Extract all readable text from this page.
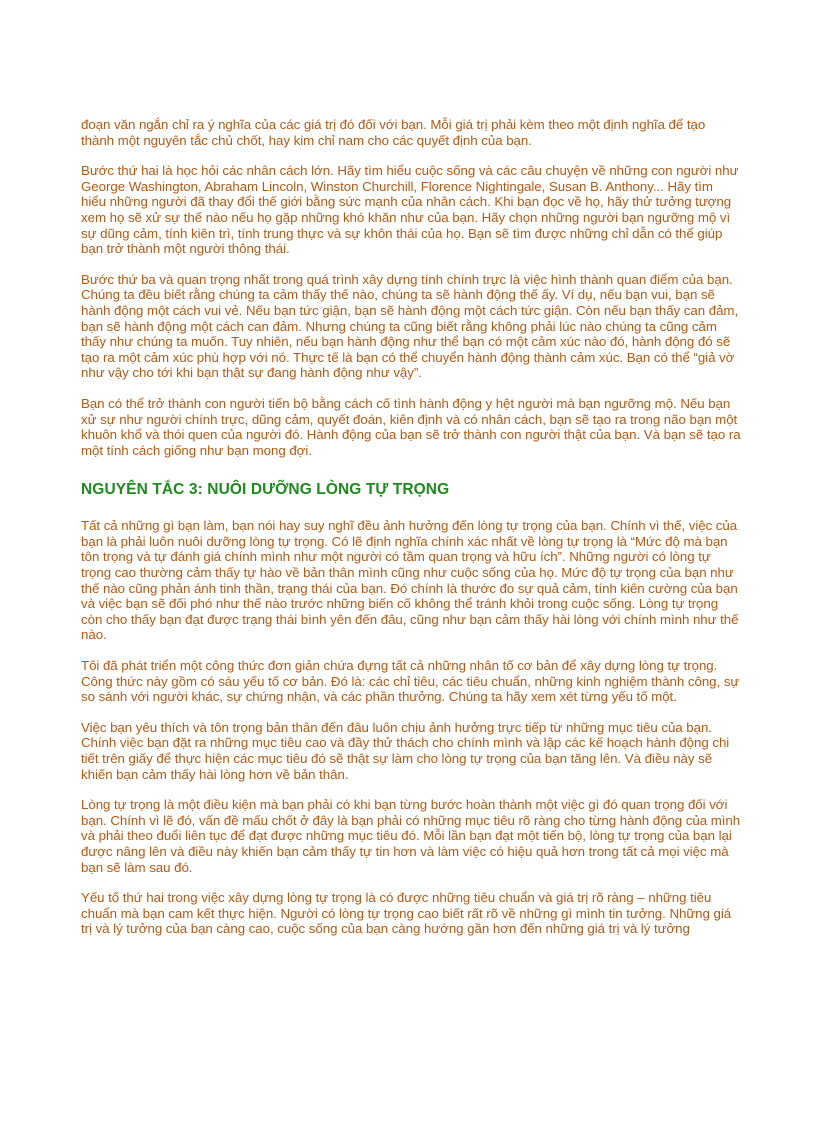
đoạn văn ngắn chỉ ra ý nghĩa của các giá trị đó đối với bạn. Mỗi giá trị phải kèm theo một định nghĩa để tạo thành một nguyên tắc chủ chốt, hay kim chỉ nam cho các quyết định của bạn.

Bước thứ hai là học hỏi các nhân cách lớn. Hãy tìm hiểu cuộc sống và các câu chuyện về những con người như George Washington, Abraham Lincoln, Winston Churchill, Florence Nightingale, Susan B. Anthony... Hãy tìm hiểu những người đã thay đổi thế giới bằng sức mạnh của nhân cách. Khi bạn đọc về họ, hãy thử tưởng tượng xem họ sẽ xử sự thế nào nếu họ gặp những khó khăn như của bạn. Hãy chọn những người bạn ngưỡng mộ vì sự dũng cảm, tính kiên trì, tính trung thực và sự khôn thái của họ. Bạn sẽ tìm được những chỉ dẫn có thể giúp bạn trở thành một người thông thái.

Bước thứ ba và quan trọng nhất trong quá trình xây dựng tính chính trực là việc hình thành quan điểm của bạn. Chúng ta đều biết rằng chúng ta cảm thấy thế nào, chúng ta sẽ hành động thế ấy. Ví dụ, nếu bạn vui, bạn sẽ hành động một cách vui vẻ. Nếu bạn tức giận, bạn sẽ hành động một cách tức giận. Còn nếu bạn thấy can đảm, bạn sẽ hành động một cách can đảm. Nhưng chúng ta cũng biết rằng không phải lúc nào chúng ta cũng cảm thấy như chúng ta muốn. Tuy nhiên, nếu bạn hành động như thể bạn có một cảm xúc nào đó, hành động đó sẽ tạo ra một cảm xúc phù hợp với nó. Thực tế là bạn có thể chuyển hành động thành cảm xúc. Bạn có thể “giả vờ như vậy cho tới khi bạn thật sự đang hành động như vậy”.

Bạn có thể trở thành con người tiến bộ bằng cách cố tình hành động y hệt người mà bạn ngưỡng mộ. Nếu bạn xử sự như người chính trực, dũng cảm, quyết đoán, kiên định và có nhân cách, bạn sẽ tạo ra trong não bạn một khuôn khổ và thói quen của người đó. Hành động của bạn sẽ trở thành con người thật của bạn. Và bạn sẽ tạo ra một tính cách giống như bạn mong đợi.

NGUYÊN TẮC 3: NUÔI DƯỠNG LÒNG TỰ TRỌNG

Tất cả những gì bạn làm, bạn nói hay suy nghĩ đều ảnh hưởng đến lòng tự trọng của bạn. Chính vì thế, việc của bạn là phải luôn nuôi dưỡng lòng tự trọng. Có lẽ định nghĩa chính xác nhất về lòng tự trọng là “Mức độ mà bạn tôn trọng và tự đánh giá chính mình như một người có tầm quan trọng và hữu ích”. Những người có lòng tự trọng cao thường cảm thấy tự hào về bản thân mình cũng như cuộc sống của họ. Mức độ tự trọng của bạn như thế nào cũng phản ánh tinh thần, trạng thái của bạn. Đó chính là thước đo sự quả cảm, tính kiên cường của bạn và việc bạn sẽ đối phó như thế nào trước những biến cố không thể tránh khỏi trong cuộc sống. Lòng tự trọng còn cho thấy bạn đạt được trạng thái bình yên đến đâu, cũng như bạn cảm thấy hài lòng với chính mình như thế nào.

Tôi đã phát triển một công thức đơn giản chứa đựng tất cả những nhân tố cơ bản để xây dựng lòng tự trọng. Công thức này gồm có sáu yếu tố cơ bản. Đó là: các chỉ tiêu, các tiêu chuẩn, những kinh nghiệm thành công, sự so sánh với người khác, sự chứng nhận, và các phần thưởng. Chúng ta hãy xem xét từng yếu tố một.

Việc bạn yêu thích và tôn trọng bản thân đến đâu luôn chịu ảnh hưởng trực tiếp từ những mục tiêu của bạn. Chính việc bạn đặt ra những mục tiêu cao và đầy thử thách cho chính mình và lập các kế hoạch hành động chi tiết trên giấy để thực hiện các mục tiêu đó sẽ thật sự làm cho lòng tự trọng của bạn tăng lên. Và điều này sẽ khiến bạn cảm thấy hài lòng hơn về bản thân.

Lòng tự trọng là một điều kiện mà bạn phải có khi bạn từng bước hoàn thành một việc gì đó quan trọng đối với bạn. Chính vì lẽ đó, vấn đề mấu chốt ở đây là bạn phải có những mục tiêu rõ ràng cho từng hành động của mình và phải theo đuổi liên tục để đạt được những mục tiêu đó. Mỗi lần bạn đạt một tiến bộ, lòng tự trọng của bạn lại được nâng lên và điều này khiến bạn cảm thấy tự tin hơn và làm việc có hiệu quả hơn trong tất cả mọi việc mà bạn sẽ làm sau đó.

Yếu tố thứ hai trong việc xây dựng lòng tự trọng là có được những tiêu chuẩn và giá trị rõ ràng – những tiêu chuẩn mà bạn cam kết thực hiện. Người có lòng tự trọng cao biết rất rõ về những gì mình tin tưởng. Những giá trị và lý tưởng của bạn càng cao, cuộc sống của bạn càng hướng gần hơn đến những giá trị và lý tưởng
